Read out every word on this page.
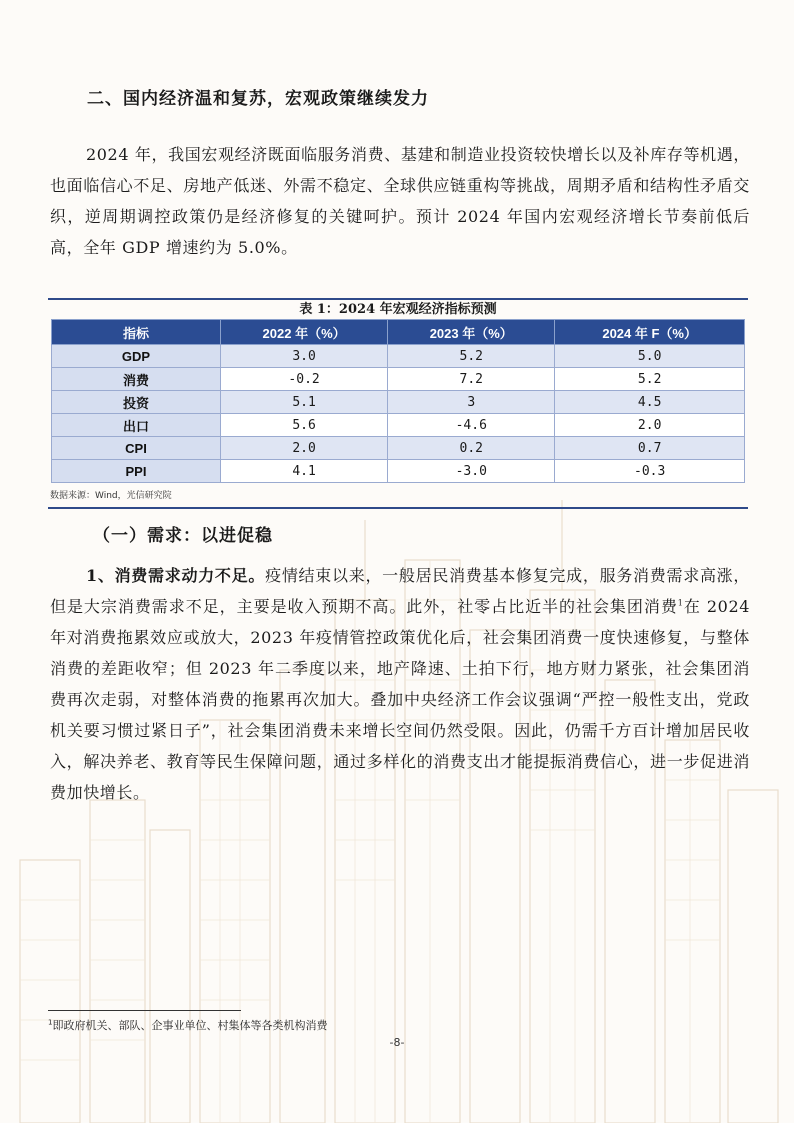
二、国内经济温和复苏，宏观政策继续发力
2024 年，我国宏观经济既面临服务消费、基建和制造业投资较快增长以及补库存等机遇，也面临信心不足、房地产低迷、外需不稳定、全球供应链重构等挑战，周期矛盾和结构性矛盾交织，逆周期调控政策仍是经济修复的关键呵护。预计 2024 年国内宏观经济增长节奏前低后高，全年 GDP 增速约为 5.0%。
表 1：2024 年宏观经济指标预测
指标	2022 年（%）	2023 年（%）	2024 年 F（%）
GDP	3.0	5.2	5.0
消费	-0.2	7.2	5.2
投资	5.1	3	4.5
出口	5.6	-4.6	2.0
CPI	2.0	0.2	0.7
PPI	4.1	-3.0	-0.3
数据来源：Wind，光信研究院
（一）需求：以进促稳
1、消费需求动力不足。疫情结束以来，一般居民消费基本修复完成，服务消费需求高涨，但是大宗消费需求不足，主要是收入预期不高。此外，社零占比近半的社会集团消费$^1$在 2024 年对消费拖累效应或放大，2023 年疫情管控政策优化后，社会集团消费一度快速修复，与整体消费的差距收窄；但 2023 年二季度以来，地产降速、土拍下行，地方财力紧张，社会集团消费再次走弱，对整体消费的拖累再次加大。叠加中央经济工作会议强调“严控一般性支出，党政机关要习惯过紧日子”，社会集团消费未来增长空间仍然受限。因此，仍需千方百计增加居民收入，解决养老、教育等民生保障问题，通过多样化的消费支出才能提振消费信心，进一步促进消费加快增长。
$^1$即政府机关、部队、企事业单位、村集体等各类机构消费
-8-
